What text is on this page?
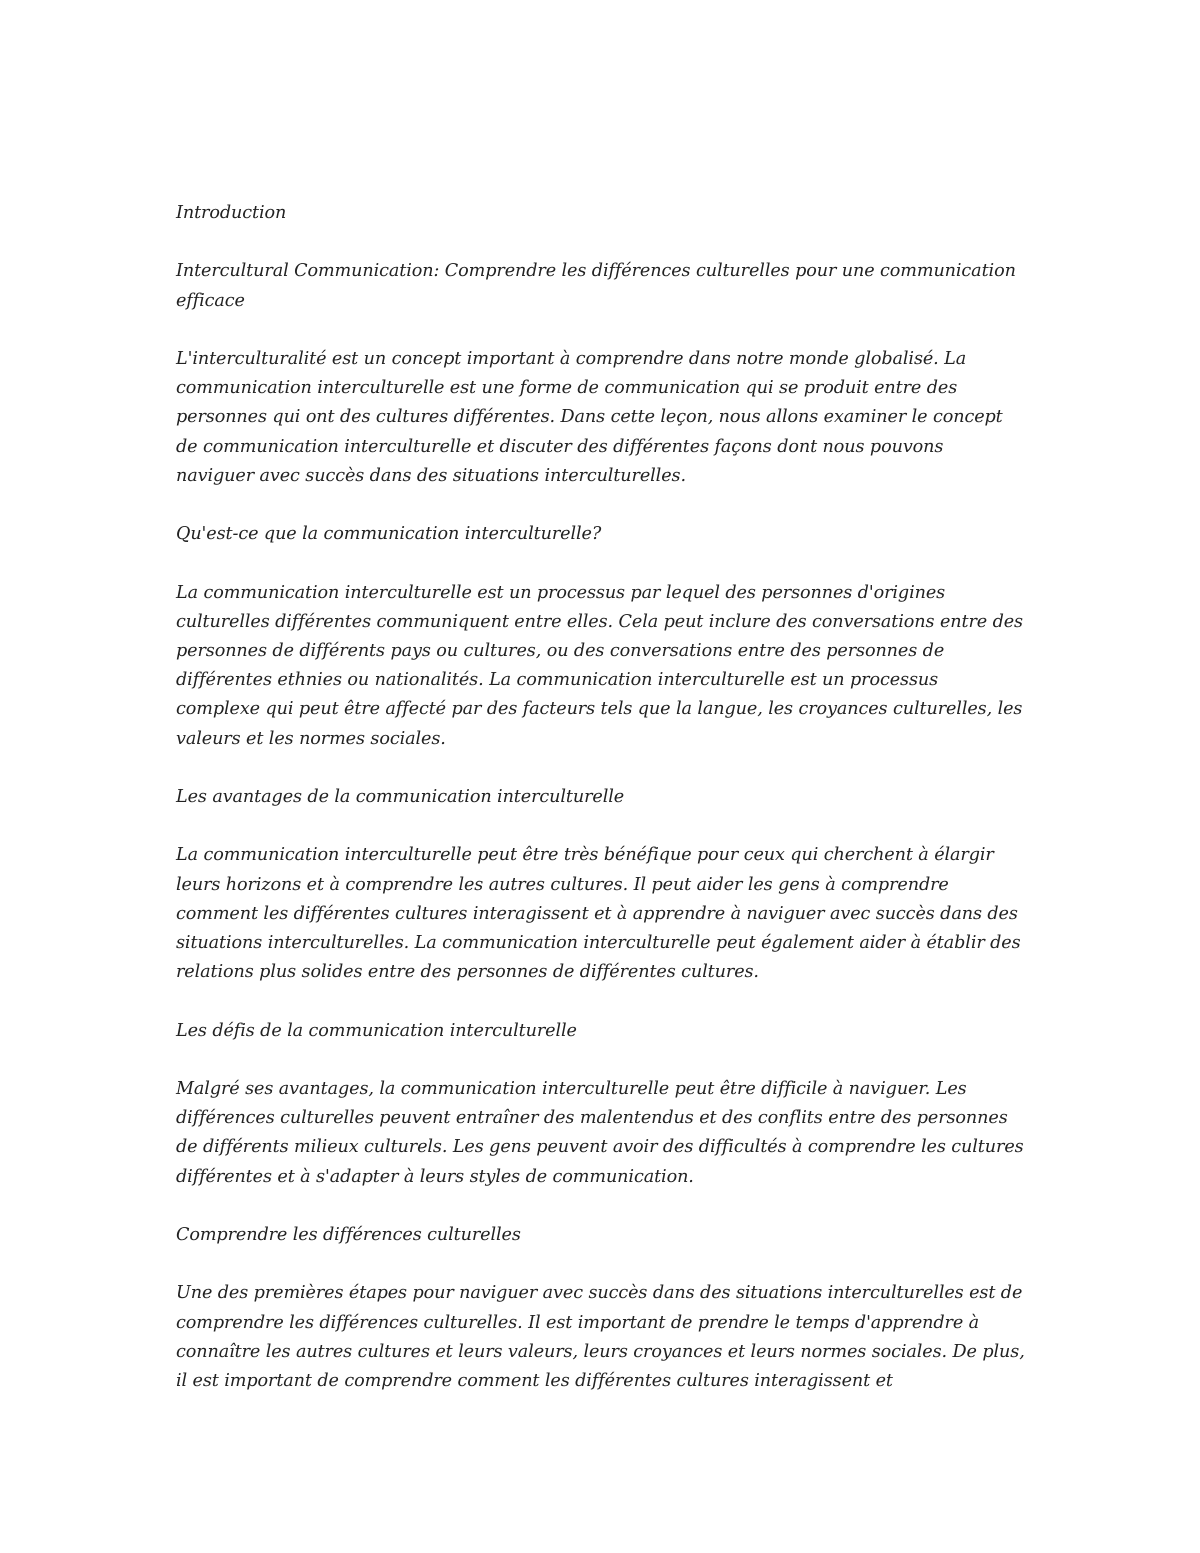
Introduction

Intercultural Communication: Comprendre les différences culturelles pour une communication efficace

L'interculturalité est un concept important à comprendre dans notre monde globalisé. La communication interculturelle est une forme de communication qui se produit entre des personnes qui ont des cultures différentes. Dans cette leçon, nous allons examiner le concept de communication interculturelle et discuter des différentes façons dont nous pouvons naviguer avec succès dans des situations interculturelles.

Qu'est-ce que la communication interculturelle?

La communication interculturelle est un processus par lequel des personnes d'origines culturelles différentes communiquent entre elles. Cela peut inclure des conversations entre des personnes de différents pays ou cultures, ou des conversations entre des personnes de différentes ethnies ou nationalités. La communication interculturelle est un processus complexe qui peut être affecté par des facteurs tels que la langue, les croyances culturelles, les valeurs et les normes sociales.

Les avantages de la communication interculturelle

La communication interculturelle peut être très bénéfique pour ceux qui cherchent à élargir leurs horizons et à comprendre les autres cultures. Il peut aider les gens à comprendre comment les différentes cultures interagissent et à apprendre à naviguer avec succès dans des situations interculturelles. La communication interculturelle peut également aider à établir des relations plus solides entre des personnes de différentes cultures.

Les défis de la communication interculturelle

Malgré ses avantages, la communication interculturelle peut être difficile à naviguer. Les différences culturelles peuvent entraîner des malentendus et des conflits entre des personnes de différents milieux culturels. Les gens peuvent avoir des difficultés à comprendre les cultures différentes et à s'adapter à leurs styles de communication.

Comprendre les différences culturelles

Une des premières étapes pour naviguer avec succès dans des situations interculturelles est de comprendre les différences culturelles. Il est important de prendre le temps d'apprendre à connaître les autres cultures et leurs valeurs, leurs croyances et leurs normes sociales. De plus, il est important de comprendre comment les différentes cultures interagissent et
